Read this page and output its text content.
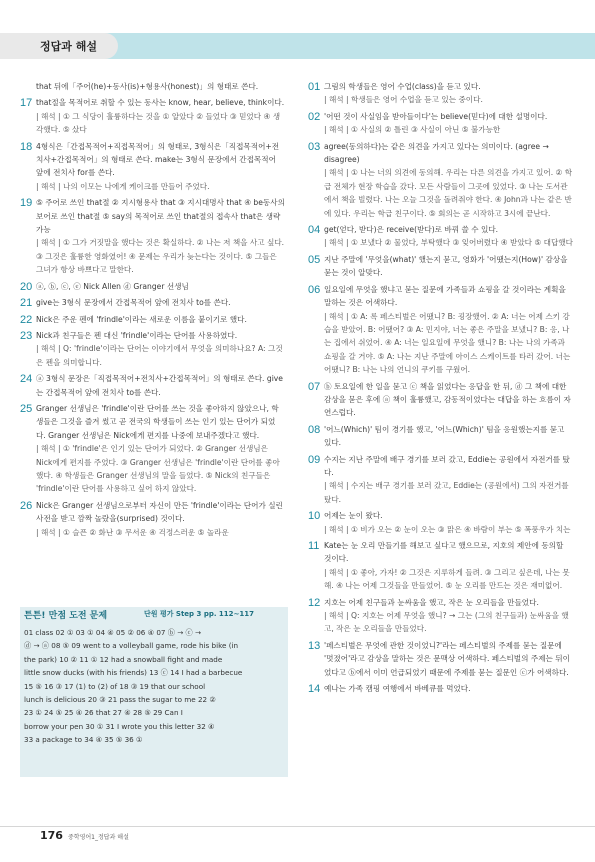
정답과 해설
that 뒤에「주어(he)+동사(is)+형용사(honest)」의 형태로 쓴다.
17 that절을 목적어로 취할 수 있는 동사는 know, hear, believe, think이다.
| 해석 | ① 그 식당이 훌륭하다는 것을 ① 알았다 ② 들었다 ③ 믿었다 ④ 생각했다. ⑤ 샀다
18 4형식은「간접목적어+직접목적어」의 형태로, 3형식은「직접목적어+전치사+간접목적어」의 형태로 쓴다. make는 3형식 문장에서 간접목적어 앞에 전치사 for를 쓴다.
| 해석 | 나의 이모는 나에게 케이크를 만들어 주었다.
19 ⑤ 주어로 쓰인 that절 ② 지시형용사 that ③ 지시대명사 that ④ be동사의 보어로 쓰인 that절 ⑤ say의 목적어로 쓰인 that절의 접속사 that은 생략 가능
| 해석 | ① 그가 거짓말을 했다는 것은 확실하다. ② 나는 저 책을 사고 싶다. ③ 그것은 훌륭한 영화였어! ④ 문제는 우리가 늦는다는 것이다. ⑤ 그들은 그녀가 항상 바쁘다고 말한다.
20 ⓐ, ⓑ, ⓒ, ⓔ Nick Allen ⓓ Granger 선생님
21 give는 3형식 문장에서 간접목적어 앞에 전치사 to를 쓴다.
22 Nick은 주운 펜에 'frindle'이라는 새로운 이름을 붙이기로 했다.
23 Nick과 친구들은 펜 대신 'frindle'이라는 단어를 사용하였다.
| 해석 | Q: 'frindle'이라는 단어는 이야기에서 무엇을 의미하나요? A: 그것은 펜을 의미합니다.
24 ⓐ 3형식 문장은「직접목적어+전치사+간접목적어」의 형태로 쓴다. give는 간접목적어 앞에 전치사 to를 쓴다.
25 Granger 선생님은 'frindle'이란 단어를 쓰는 것을 좋아하지 않았으나, 학생들은 그것을 즐겨 썼고 곧 전국의 학생들이 쓰는 인기 있는 단어가 되었다. Granger 선생님은 Nick에게 편지를 나중에 보내주겠다고 했다.
| 해석 | ① 'frindle'은 인기 있는 단어가 되었다. ② Granger 선생님은 Nick에게 편지를 주었다. ③ Granger 선생님은 'frindle'이란 단어를 좋아했다. ④ 학생들은 Granger 선생님의 말을 들었다. ⑤ Nick의 친구들은 'frindle'이란 단어를 사용하고 싶어 하지 않았다.
26 Nick은 Granger 선생님으로부터 자신이 만든 'frindle'이라는 단어가 실린 사전을 받고 깜짝 놀랐을(surprised) 것이다.
| 해석 | ① 슬픈 ② 화난 ③ 무서운 ④ 걱정스러운 ⑤ 놀라운
01 그림의 학생들은 영어 수업(class)을 듣고 있다.
| 해석 | 학생들은 영어 수업을 듣고 있는 중이다.
02 '어떤 것이 사실임을 받아들이다'는 believe(믿다)에 대한 설명이다.
| 해석 | ① 사실의 ② 틀린 ③ 사실이 아닌 ⑤ 불가능한
03 agree(동의하다)는 같은 의견을 가지고 있다는 의미이다. (agree → disagree)
| 해석 | ① 나는 너의 의견에 동의해. 우리는 다른 의견을 가지고 있어. ② 학급 전체가 현장 학습을 갔다. 모든 사람들이 그곳에 있었다. ③ 나는 도서관에서 책을 빌렸다. 나는 오늘 그것을 돌려줘야 한다. ④ John과 나는 같은 반에 있다. 우리는 학급 친구이다. ⑤ 회의는 곧 시작하고 3시에 끝난다.
04 get(얻다, 받다)은 receive(받다)로 바꿔 쓸 수 있다.
| 해석 | ① 보냈다 ② 물었다, 부탁했다 ③ 잊어버렸다 ④ 받았다 ⑤ 대답했다
05 지난 주말에 '무엇을(what)' 했는지 묻고, 영화가 '어땠는지(How)' 감상을 묻는 것이 알맞다.
06 일요일에 무엇을 했냐고 묻는 질문에 가족들과 쇼핑을 갈 것이라는 계획을 말하는 것은 어색하다.
| 해석 | ① A: 록 페스티벌은 어땠니? B: 굉장했어. ② A: 너는 어제 스키 강습을 받았어. B: 어땠어? ③ A: 민지야, 너는 좋은 주말을 보냈니? B: 응, 나는 집에서 쉬었어. ④ A: 너는 일요일에 무엇을 했니? B: 나는 나의 가족과 쇼핑을 갈 거야. ⑤ A: 나는 지난 주말에 아이스 스케이트를 타러 갔어. 너는 어땠니? B: 나는 나의 언니의 쿠키를 구웠어.
07 ⓑ 토요일에 한 일을 묻고 ⓒ 책을 읽었다는 응답을 한 뒤, ⓓ 그 책에 대한 감상을 묻은 후에 ⓐ 책이 훌륭했고, 감동적이었다는 대답을 하는 흐름이 자연스럽다.
08 '어느(Which)' 팀이 경기를 했고, '어느(Which)' 팀을 응원했는지를 묻고 있다.
09 수지는 지난 주말에 배구 경기를 보러 갔고, Eddie는 공원에서 자전거를 탔다.
| 해석 | 수지는 배구 경기를 보러 갔고, Eddie는 (공원에서) 그의 자전거를 탔다.
10 어제는 눈이 왔다.
| 해석 | ① 비가 오는 ② 눈이 오는 ③ 맑은 ④ 바람이 부는 ⑤ 폭풍우가 치는
11 Kate는 눈 오리 만들기를 해보고 싶다고 했으므로, 지호의 제안에 동의할 것이다.
| 해석 | ① 좋아, 가자! ② 그것은 지루하게 들려. ③ 그리고 싶은데, 나는 못해. ④ 나는 어제 그것들을 만들었어. ⑤ 눈 오리를 만드는 것은 재미없어.
12 지호는 어제 친구들과 눈싸움을 했고, 작은 눈 오리들을 만들었다.
| 해석 | Q: 지호는 어제 무엇을 했니? → 그는 (그의 친구들과) 눈싸움을 했고, 작은 눈 오리들을 만들었다.
13 '페스티벌은 무엇에 관한 것이었니?'라는 페스티벌의 주제를 묻는 질문에 '멋졌어'라고 감상을 말하는 것은 문맥상 어색하다. 페스티벌의 주제는 뒤이었다고 ⓑ에서 이미 언급되었기 때문에 주제를 묻는 질문인 ⓒ가 어색하다.
14 예나는 가족 캠핑 여행에서 바베큐를 먹었다.
튼튼! 만점 도전 문제	단원 평가 Step 3 pp. 112~117
01 class 02 ① 03 ① 04 ④ 05 ② 06 ④ 07 ⓑ → ⓒ →
ⓓ → ⓐ 08 ⑤ 09 went to a volleyball game, rode his bike (in
the park) 10 ② 11 ① 12 had a snowball fight and made
little snow ducks (with his friends) 13 ⓒ 14 I had a barbecue
15 ⑤ 16 ③ 17 (1) to (2) of 18 ③ 19 that our school
lunch is delicious 20 ③ 21 pass the sugar to me 22 ②
23 ① 24 ⑤ 25 ④ 26 that 27 ④ 28 ⑤ 29 Can I
borrow your pen 30 ① 31 I wrote you this letter 32 ④
33 a package to 34 ④ 35 ⑤ 36 ①
176 중학영어1_정답과 해설
